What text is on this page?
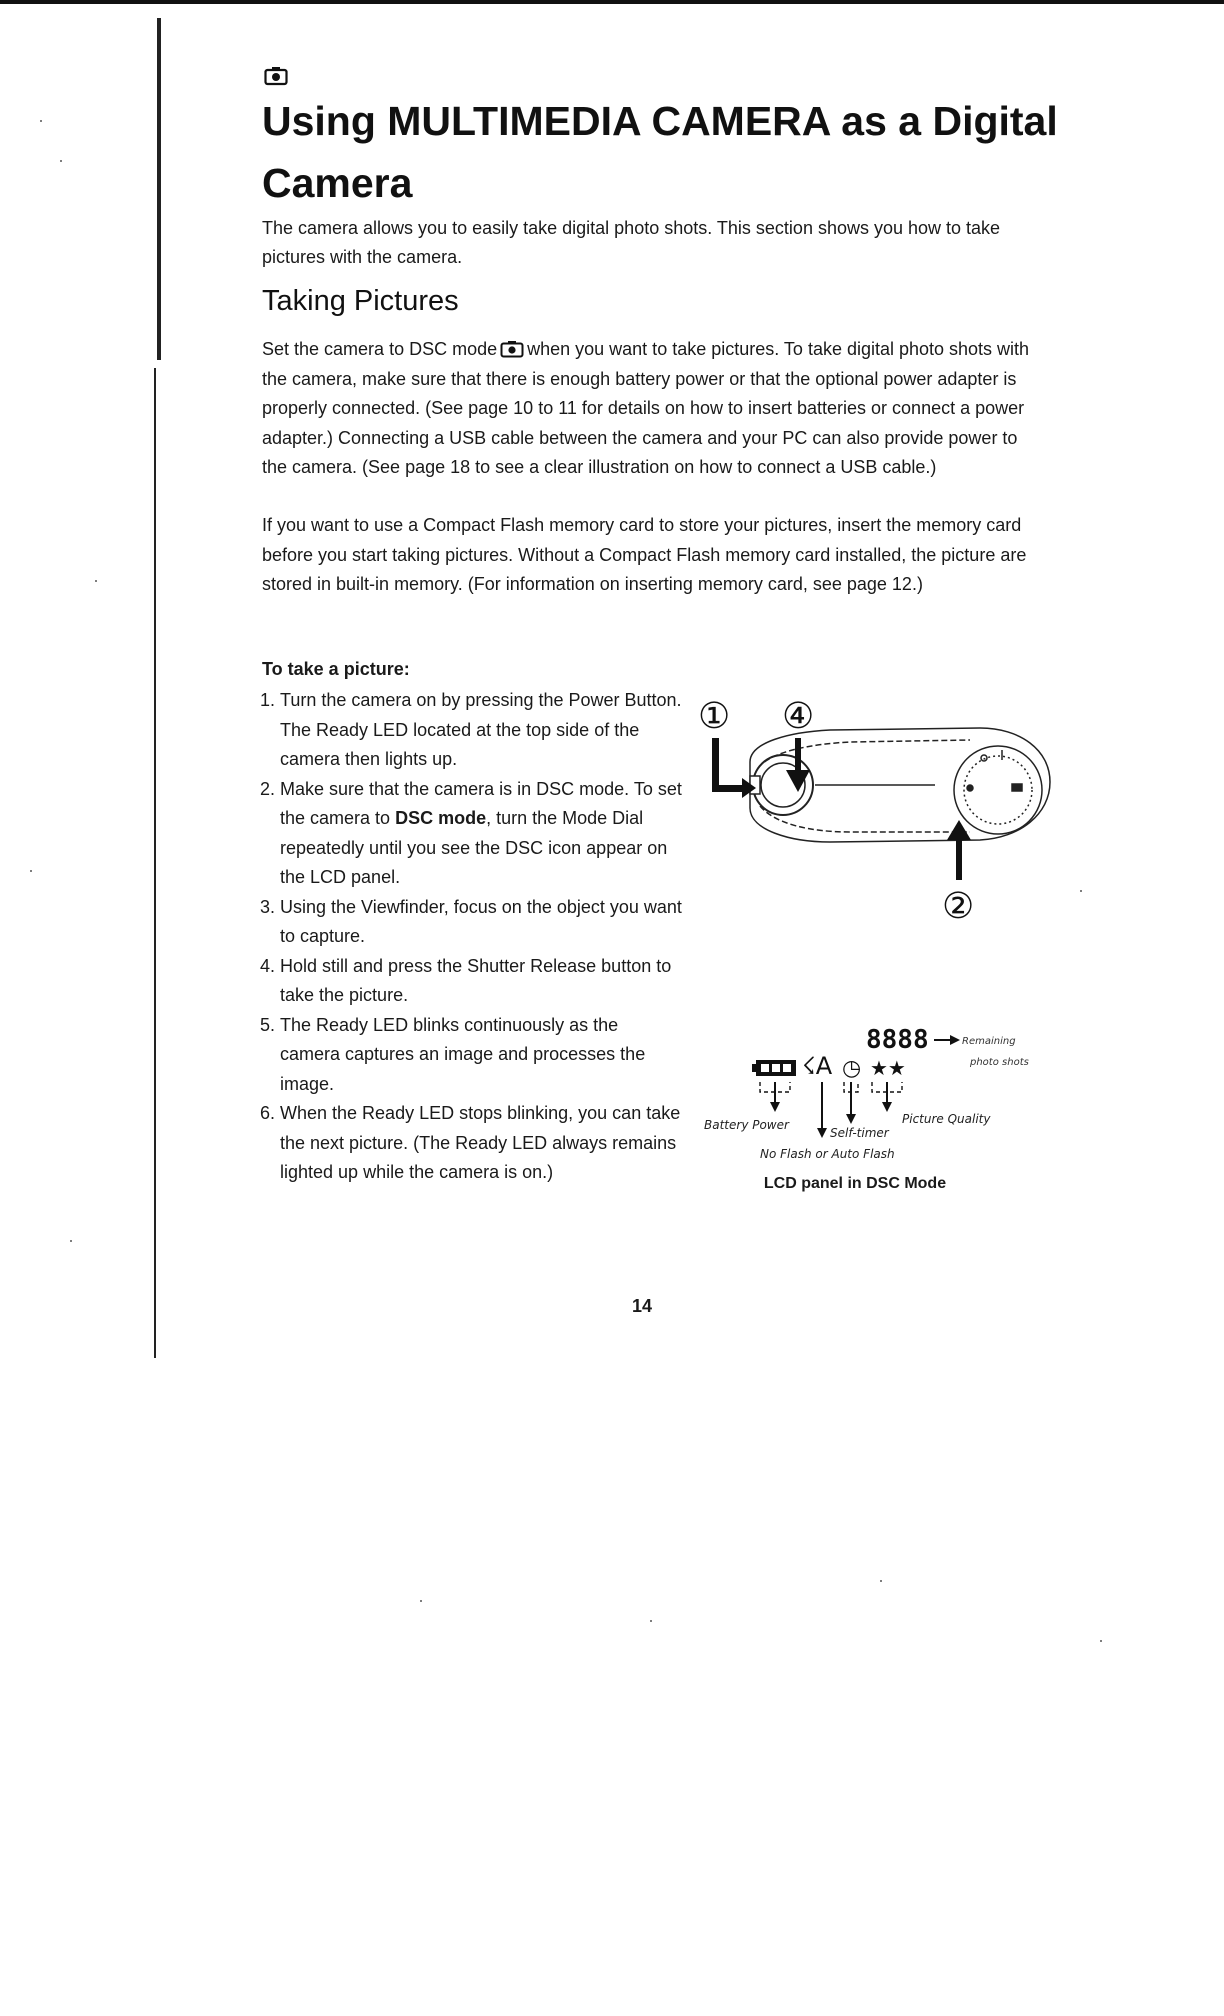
Using MULTIMEDIA CAMERA as a Digital Camera

The camera allows you to easily take digital photo shots. This section shows you how to take pictures with the camera.

Taking Pictures

Set the camera to DSC mode when you want to take pictures. To take digital photo shots with the camera, make sure that there is enough battery power or that the optional power adapter is properly connected. (See page 10 to 11 for details on how to insert batteries or connect a power adapter.) Connecting a USB cable between the camera and your PC can also provide power to the camera. (See page 18 to see a clear illustration on how to connect a USB cable.)

If you want to use a Compact Flash memory card to store your pictures, insert the memory card before you start taking pictures. Without a Compact Flash memory card installed, the picture are stored in built-in memory. (For information on inserting memory card, see page 12.)

To take a picture:

1. Turn the camera on by pressing the Power Button. The Ready LED located at the top side of the camera then lights up.
2. Make sure that the camera is in DSC mode. To set the camera to DSC mode, turn the Mode Dial repeatedly until you see the DSC icon appear on the LCD panel.
3. Using the Viewfinder, focus on the object you want to capture.
4. Hold still and press the Shutter Release button to take the picture.
5. The Ready LED blinks continuously as the camera captures an image and processes the image.
6. When the Ready LED stops blinking, you can take the next picture. (The Ready LED always remains lighted up while the camera is on.)
① ④
②
8888	Remaining
photo shots
☇A ◷ ★★
Battery Power
Self-timer
Picture Quality
No Flash or Auto Flash

LCD panel in DSC Mode

14
